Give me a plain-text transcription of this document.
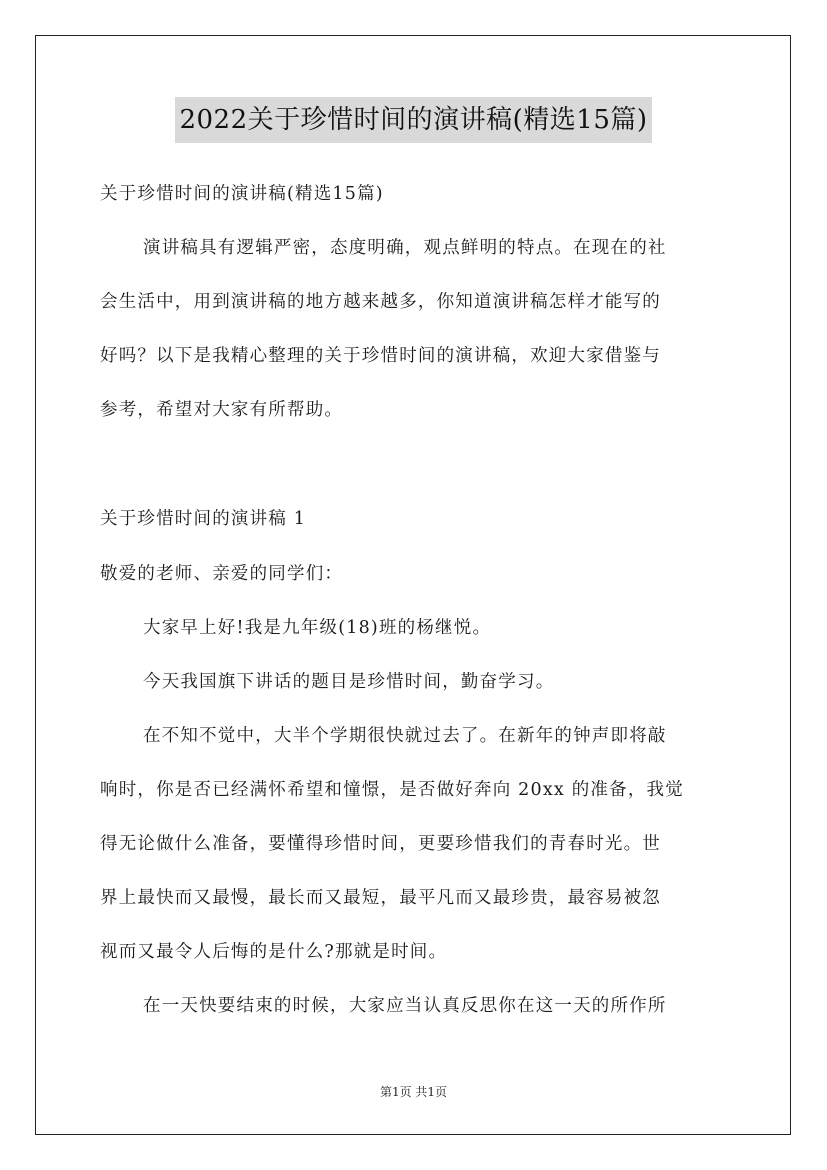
2022关于珍惜时间的演讲稿(精选15篇)
关于珍惜时间的演讲稿(精选15篇)
演讲稿具有逻辑严密，态度明确，观点鲜明的特点。在现在的社
会生活中，用到演讲稿的地方越来越多，你知道演讲稿怎样才能写的
好吗？以下是我精心整理的关于珍惜时间的演讲稿，欢迎大家借鉴与
参考，希望对大家有所帮助。
关于珍惜时间的演讲稿 1
敬爱的老师、亲爱的同学们：
大家早上好!我是九年级(18)班的杨继悦。
今天我国旗下讲话的题目是珍惜时间，勤奋学习。
在不知不觉中，大半个学期很快就过去了。在新年的钟声即将敲
响时，你是否已经满怀希望和憧憬，是否做好奔向 20xx 的准备，我觉
得无论做什么准备，要懂得珍惜时间，更要珍惜我们的青春时光。世
界上最快而又最慢，最长而又最短，最平凡而又最珍贵，最容易被忽
视而又最令人后悔的是什么?那就是时间。
在一天快要结束的时候，大家应当认真反思你在这一天的所作所
第1页 共1页
